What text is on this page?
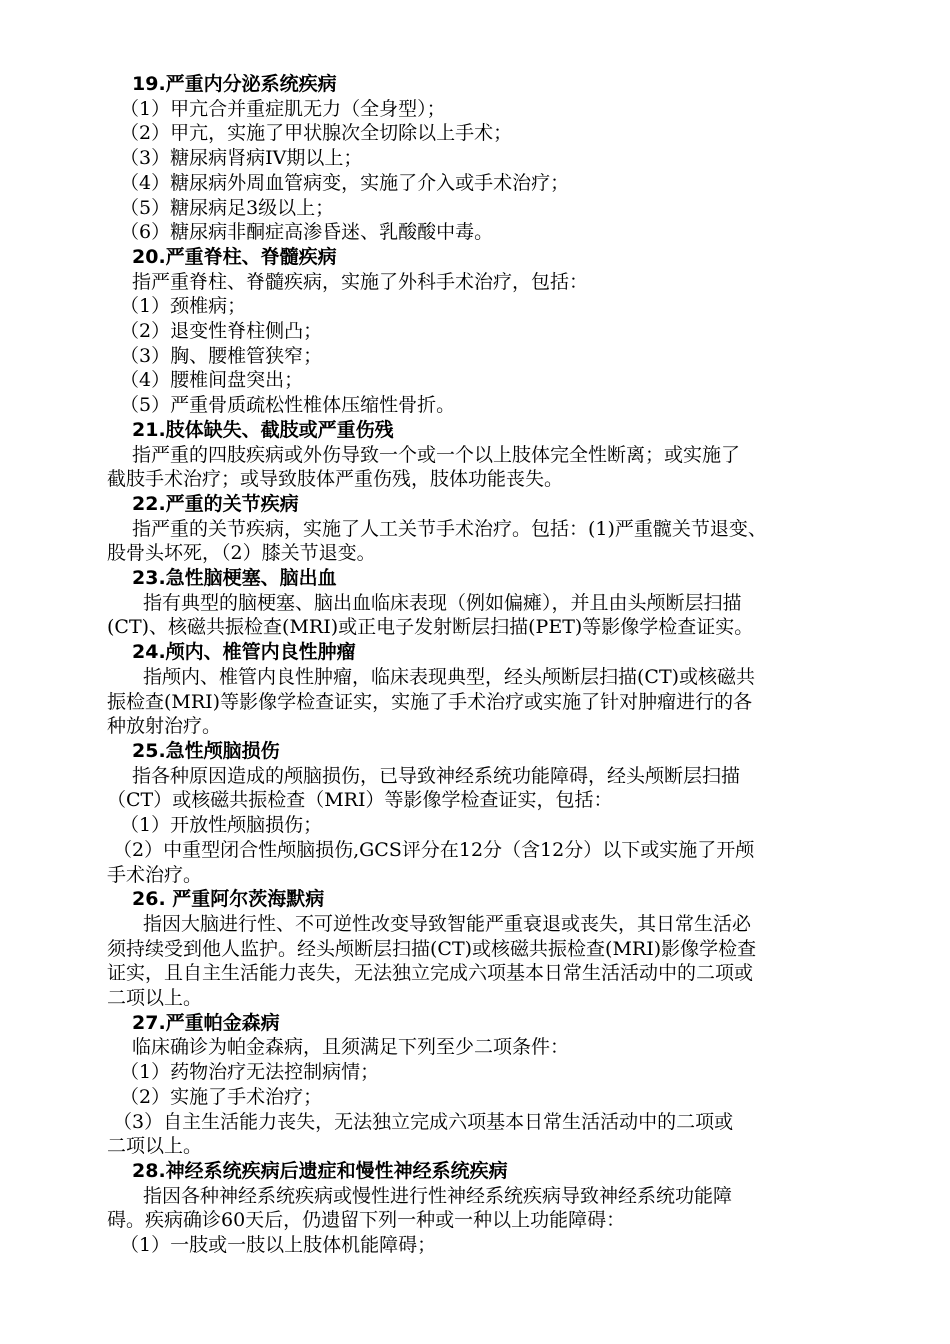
19.严重内分泌系统疾病
（1）甲亢合并重症肌无力（全身型）；
（2）甲亢，实施了甲状腺次全切除以上手术；
（3）糖尿病肾病IV期以上；
（4）糖尿病外周血管病变，实施了介入或手术治疗；
（5）糖尿病足3级以上；
（6）糖尿病非酮症高渗昏迷、乳酸酸中毒。
20.严重脊柱、脊髓疾病
指严重脊柱、脊髓疾病，实施了外科手术治疗，包括：
（1）颈椎病；
（2）退变性脊柱侧凸；
（3）胸、腰椎管狭窄；
（4）腰椎间盘突出；
（5）严重骨质疏松性椎体压缩性骨折。
21.肢体缺失、截肢或严重伤残
指严重的四肢疾病或外伤导致一个或一个以上肢体完全性断离；或实施了
截肢手术治疗；或导致肢体严重伤残，肢体功能丧失。
22.严重的关节疾病
指严重的关节疾病，实施了人工关节手术治疗。包括：(1)严重髋关节退变、
股骨头坏死，（2）膝关节退变。
23.急性脑梗塞、脑出血
指有典型的脑梗塞、脑出血临床表现（例如偏瘫），并且由头颅断层扫描
(CT)、核磁共振检查(MRI)或正电子发射断层扫描(PET)等影像学检查证实。
24.颅内、椎管内良性肿瘤
指颅内、椎管内良性肿瘤，临床表现典型，经头颅断层扫描(CT)或核磁共
振检查(MRI)等影像学检查证实，实施了手术治疗或实施了针对肿瘤进行的各
种放射治疗。
25.急性颅脑损伤
指各种原因造成的颅脑损伤，已导致神经系统功能障碍，经头颅断层扫描
（CT）或核磁共振检查（MRI）等影像学检查证实，包括：
（1）开放性颅脑损伤；
（2）中重型闭合性颅脑损伤,GCS评分在12分（含12分）以下或实施了开颅
手术治疗。
26. 严重阿尔茨海默病
指因大脑进行性、不可逆性改变导致智能严重衰退或丧失，其日常生活必
须持续受到他人监护。经头颅断层扫描(CT)或核磁共振检查(MRI)影像学检查
证实，且自主生活能力丧失，无法独立完成六项基本日常生活活动中的二项或
二项以上。
27.严重帕金森病
临床确诊为帕金森病，且须满足下列至少二项条件：
（1）药物治疗无法控制病情；
（2）实施了手术治疗；
（3）自主生活能力丧失，无法独立完成六项基本日常生活活动中的二项或
二项以上。
28.神经系统疾病后遗症和慢性神经系统疾病
指因各种神经系统疾病或慢性进行性神经系统疾病导致神经系统功能障
碍。疾病确诊60天后，仍遗留下列一种或一种以上功能障碍：
（1）一肢或一肢以上肢体机能障碍；
